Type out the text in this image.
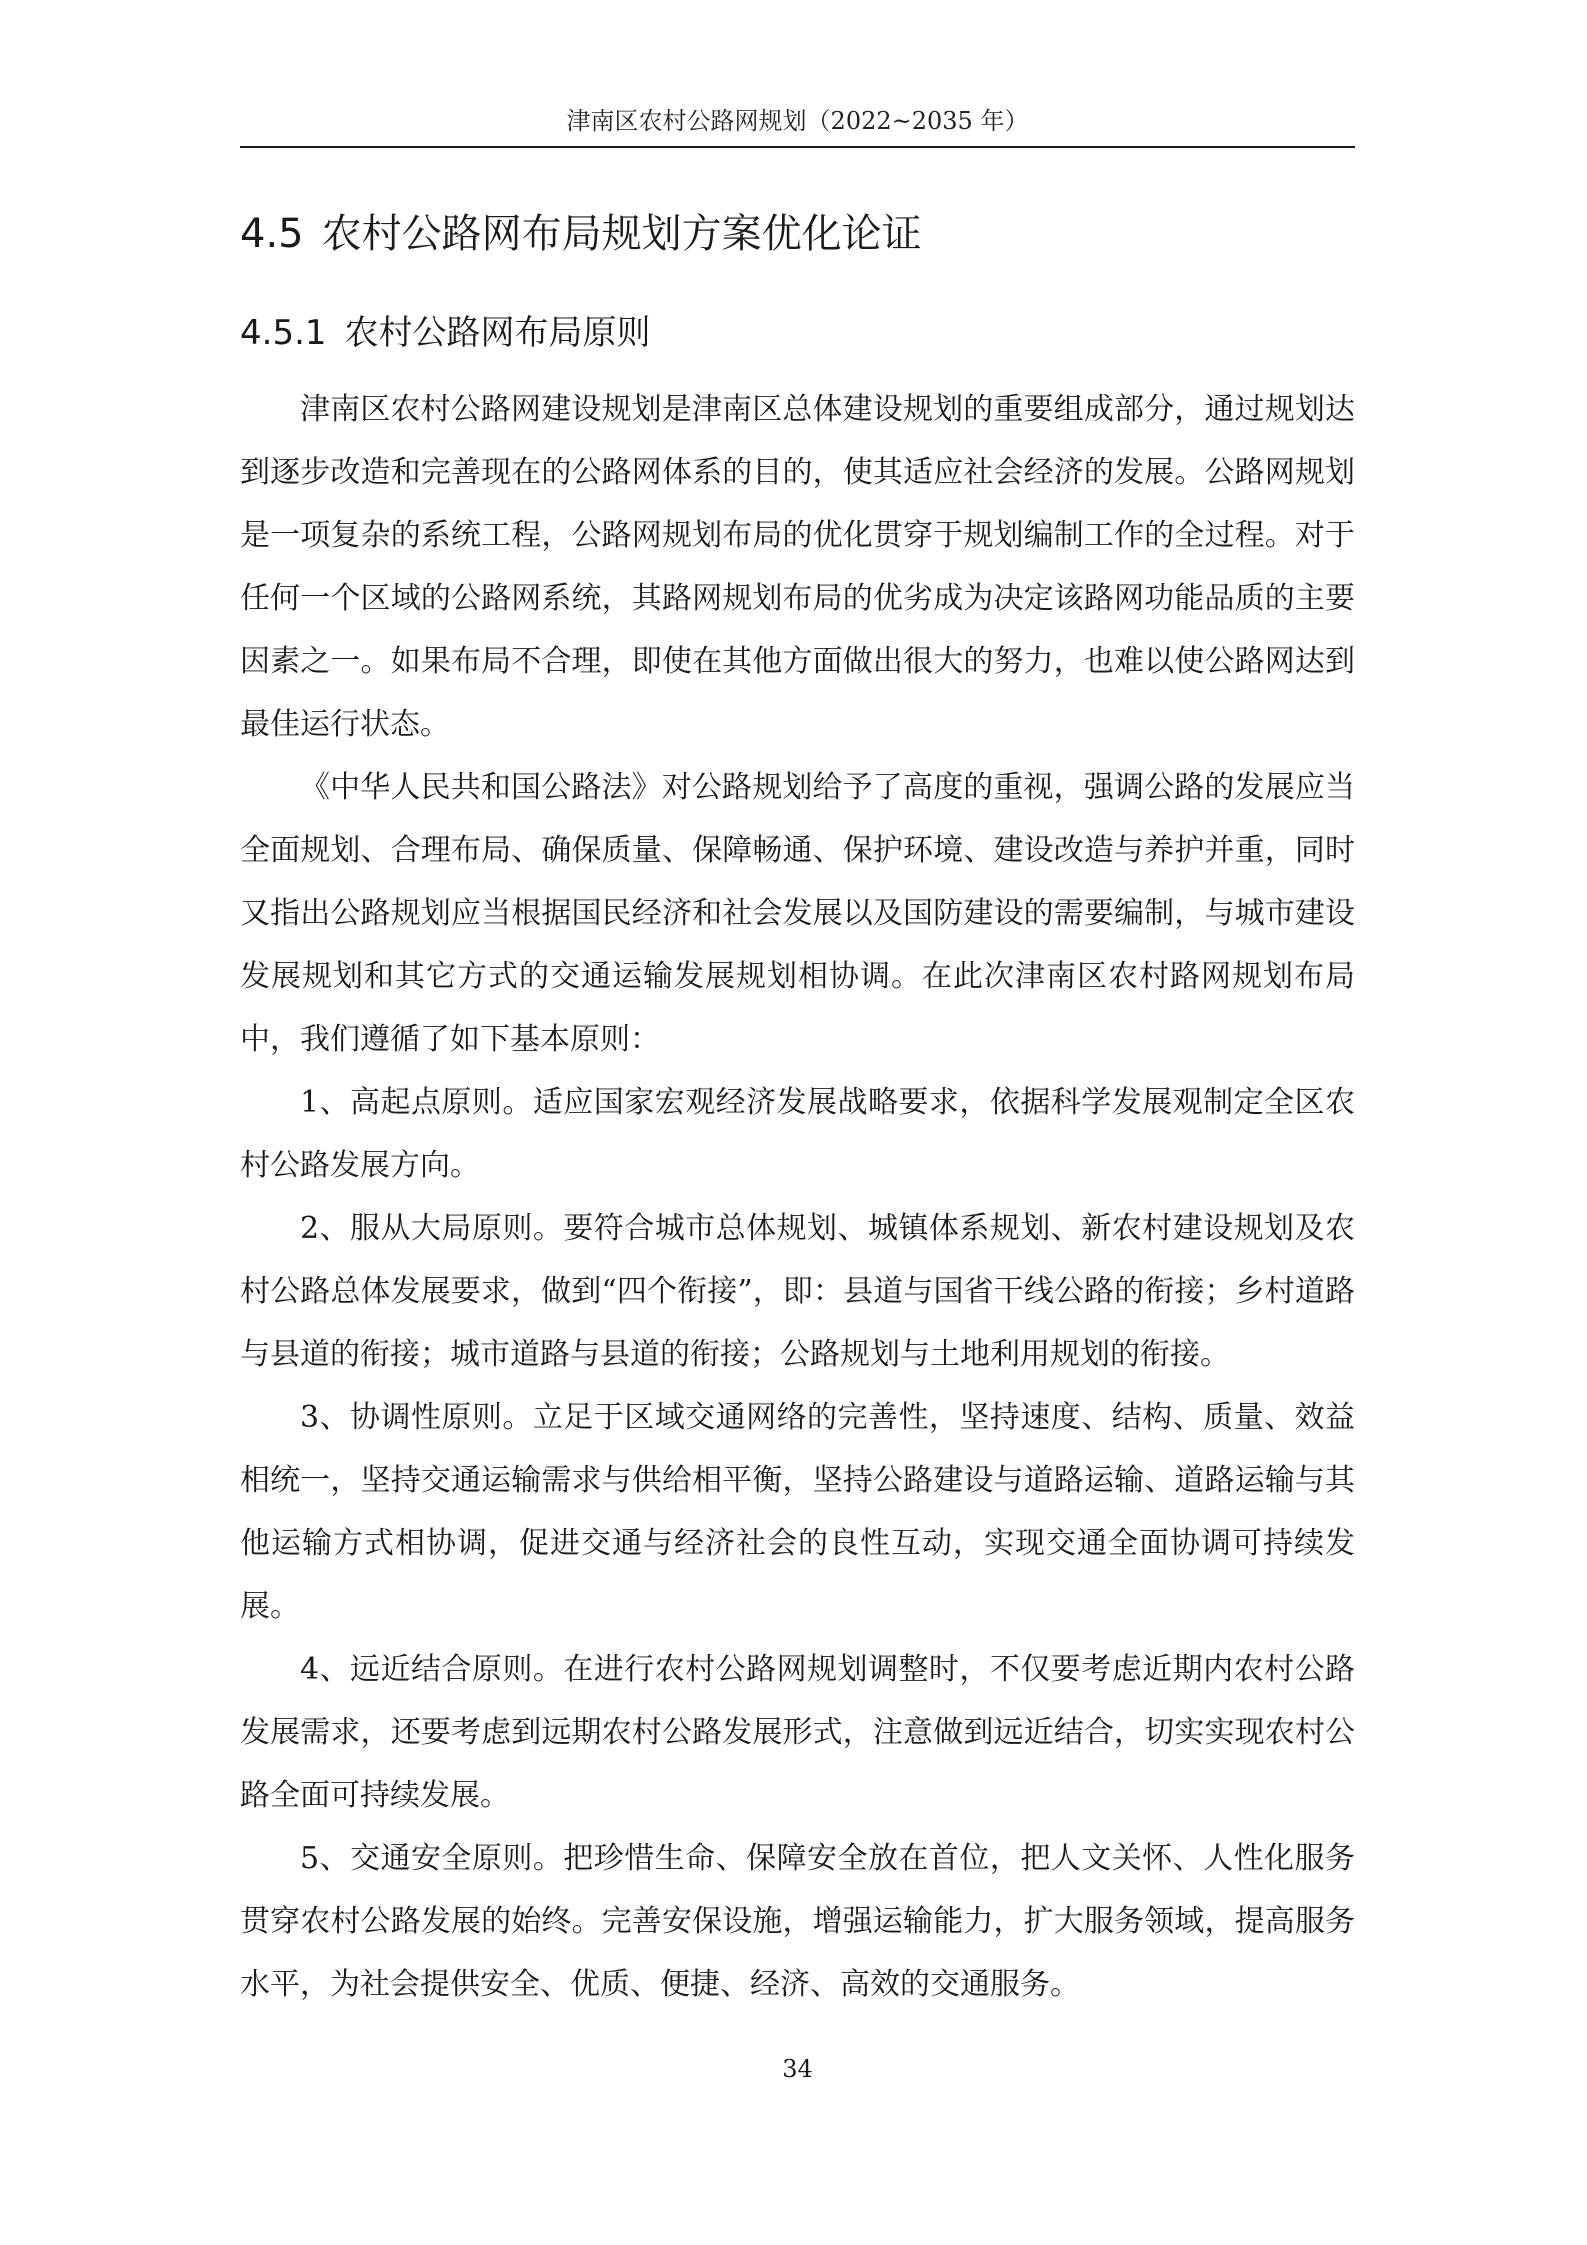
津南区农村公路网规划（2022~2035 年）
4.5 农村公路网布局规划方案优化论证
4.5.1 农村公路网布局原则

津南区农村公路网建设规划是津南区总体建设规划的重要组成部分，通过规划达到逐步改造和完善现在的公路网体系的目的，使其适应社会经济的发展。公路网规划是一项复杂的系统工程，公路网规划布局的优化贯穿于规划编制工作的全过程。对于任何一个区域的公路网系统，其路网规划布局的优劣成为决定该路网功能品质的主要因素之一。如果布局不合理，即使在其他方面做出很大的努力，也难以使公路网达到最佳运行状态。

《中华人民共和国公路法》对公路规划给予了高度的重视，强调公路的发展应当全面规划、合理布局、确保质量、保障畅通、保护环境、建设改造与养护并重，同时又指出公路规划应当根据国民经济和社会发展以及国防建设的需要编制，与城市建设发展规划和其它方式的交通运输发展规划相协调。在此次津南区农村路网规划布局中，我们遵循了如下基本原则：

1、高起点原则。适应国家宏观经济发展战略要求，依据科学发展观制定全区农村公路发展方向。

2、服从大局原则。要符合城市总体规划、城镇体系规划、新农村建设规划及农村公路总体发展要求，做到“四个衔接”，即：县道与国省干线公路的衔接；乡村道路与县道的衔接；城市道路与县道的衔接；公路规划与土地利用规划的衔接。

3、协调性原则。立足于区域交通网络的完善性，坚持速度、结构、质量、效益相统一，坚持交通运输需求与供给相平衡，坚持公路建设与道路运输、道路运输与其他运输方式相协调，促进交通与经济社会的良性互动，实现交通全面协调可持续发展。

4、远近结合原则。在进行农村公路网规划调整时，不仅要考虑近期内农村公路发展需求，还要考虑到远期农村公路发展形式，注意做到远近结合，切实实现农村公路全面可持续发展。

5、交通安全原则。把珍惜生命、保障安全放在首位，把人文关怀、人性化服务贯穿农村公路发展的始终。完善安保设施，增强运输能力，扩大服务领域，提高服务水平，为社会提供安全、优质、便捷、经济、高效的交通服务。

34
